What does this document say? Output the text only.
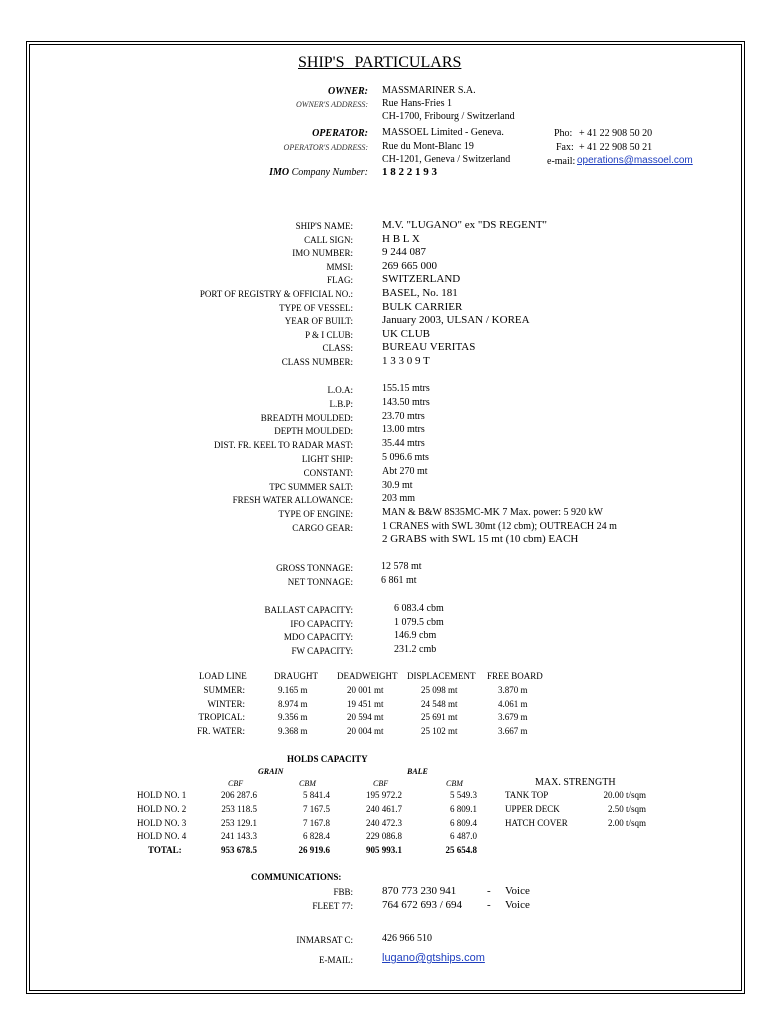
SHIP'S PARTICULARS
OWNER: MASSMARINER S.A.
OWNER'S ADDRESS: Rue Hans-Fries 1
CH-1700, Fribourg / Switzerland
OPERATOR: MASSOEL Limited - Geneva.
OPERATOR'S ADDRESS: Rue du Mont-Blanc 19
CH-1201, Geneva / Switzerland
Pho: + 41 22 908 50 20
Fax: + 41 22 908 50 21
e-mail: operations@massoel.com
IMO Company Number: 1 8 2 2 1 9 3
SHIP'S NAME:	M.V. "LUGANO" ex "DS REGENT"
CALL SIGN:	H B L X
IMO NUMBER:	9 244 087
MMSI:	269 665 000
FLAG:	SWITZERLAND
PORT OF REGISTRY & OFFICIAL NO.:	BASEL, No. 181
TYPE OF VESSEL:	BULK CARRIER
YEAR OF BUILT:	January 2003, ULSAN / KOREA
P & I CLUB:	UK CLUB
CLASS:	BUREAU VERITAS
CLASS NUMBER:	1 3 3 0 9 T
L.O.A:	155.15 mtrs
L.B.P:	143.50 mtrs
BREADTH MOULDED:	23.70 mtrs
DEPTH MOULDED:	13.00 mtrs
DIST. FR. KEEL TO RADAR MAST:	35.44 mtrs
LIGHT SHIP:	5 096.6 mts
CONSTANT:	Abt 270 mt
TPC SUMMER SALT:	30.9 mt
FRESH WATER ALLOWANCE:	203 mm
TYPE OF ENGINE:	MAN & B&W 8S35MC-MK 7 Max. power: 5 920 kW
CARGO GEAR:	1 CRANES with SWL 30mt (12 cbm); OUTREACH 24 m
2 GRABS with SWL 15 mt (10 cbm) EACH
GROSS TONNAGE:	12 578 mt
NET TONNAGE:	6 861 mt
BALLAST CAPACITY:	6 083.4 cbm
IFO CAPACITY:	1 079.5 cbm
MDO CAPACITY:	146.9 cbm
FW CAPACITY:	231.2 cmb
LOAD LINE	DRAUGHT DEADWEIGHT DISPLACEMENT FREE BOARD
SUMMER:	9.165 m	20 001 mt	25 098 mt	3.870 m
WINTER:	8.974 m	19 451 mt	24 548 mt	4.061 m
TROPICAL:	9.356 m	20 594 mt	25 691 mt	3.679 m
FR. WATER:	9.368 m	20 004 mt	25 102 mt	3.667 m
HOLDS CAPACITY
GRAIN	BALE
CBF	CBM	CBF	CBM
HOLD NO. 1	206 287.6	5 841.4	195 972.2	5 549.3
HOLD NO. 2	253 118.5	7 167.5	240 461.7	6 809.1
HOLD NO. 3	253 129.1	7 167.8	240 472.3	6 809.4
HOLD NO. 4	241 143.3	6 828.4	229 086.8	6 487.0
TOTAL:	953 678.5	26 919.6	905 993.1	25 654.8
MAX. STRENGTH
TANK TOP	20.00 t/sqm
UPPER DECK	2.50 t/sqm
HATCH COVER	2.00 t/sqm
COMMUNICATIONS:
FBB:	870 773 230 941	- Voice
FLEET 77:	764 672 693 / 694 - Voice
INMARSAT C:	426 966 510
E-MAIL:	lugano@gtships.com
